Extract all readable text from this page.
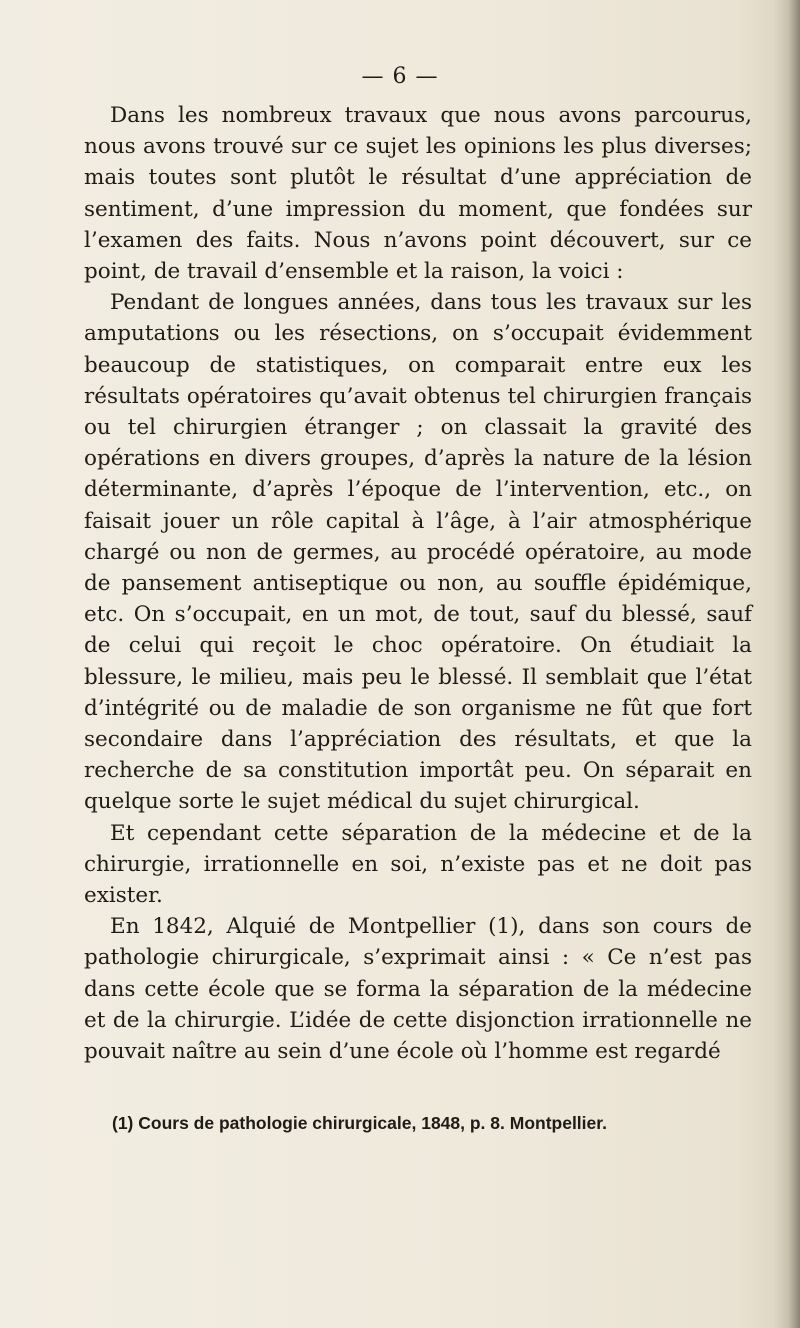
— 6 —

Dans les nombreux travaux que nous avons parcourus, nous avons trouvé sur ce sujet les opinions les plus diverses; mais toutes sont plutôt le résultat d’une appréciation de sentiment, d’une impression du moment, que fondées sur l’examen des faits. Nous n’avons point découvert, sur ce point, de travail d’ensemble et la raison, la voici :

Pendant de longues années, dans tous les travaux sur les amputations ou les résections, on s’occupait évidemment beaucoup de statistiques, on comparait entre eux les résultats opératoires qu’avait obtenus tel chirurgien français ou tel chirurgien étranger ; on classait la gravité des opérations en divers groupes, d’après la nature de la lésion déterminante, d’après l’époque de l’intervention, etc., on faisait jouer un rôle capital à l’âge, à l’air atmosphérique chargé ou non de germes, au procédé opératoire, au mode de pansement antiseptique ou non, au souffle épidémique, etc. On s’occupait, en un mot, de tout, sauf du blessé, sauf de celui qui reçoit le choc opératoire. On étudiait la blessure, le milieu, mais peu le blessé. Il semblait que l’état d’intégrité ou de maladie de son organisme ne fût que fort secondaire dans l’appréciation des résultats, et que la recherche de sa constitution importât peu. On séparait en quelque sorte le sujet médical du sujet chirurgical.

Et cependant cette séparation de la médecine et de la chirurgie, irrationnelle en soi, n’existe pas et ne doit pas exister.

En 1842, Alquié de Montpellier (1), dans son cours de pathologie chirurgicale, s’exprimait ainsi : « Ce n’est pas dans cette école que se forma la séparation de la médecine et de la chirurgie. L’idée de cette disjonction irrationnelle ne pouvait naître au sein d’une école où l’homme est regardé

(1) Cours de pathologie chirurgicale, 1848, p. 8. Montpellier.
